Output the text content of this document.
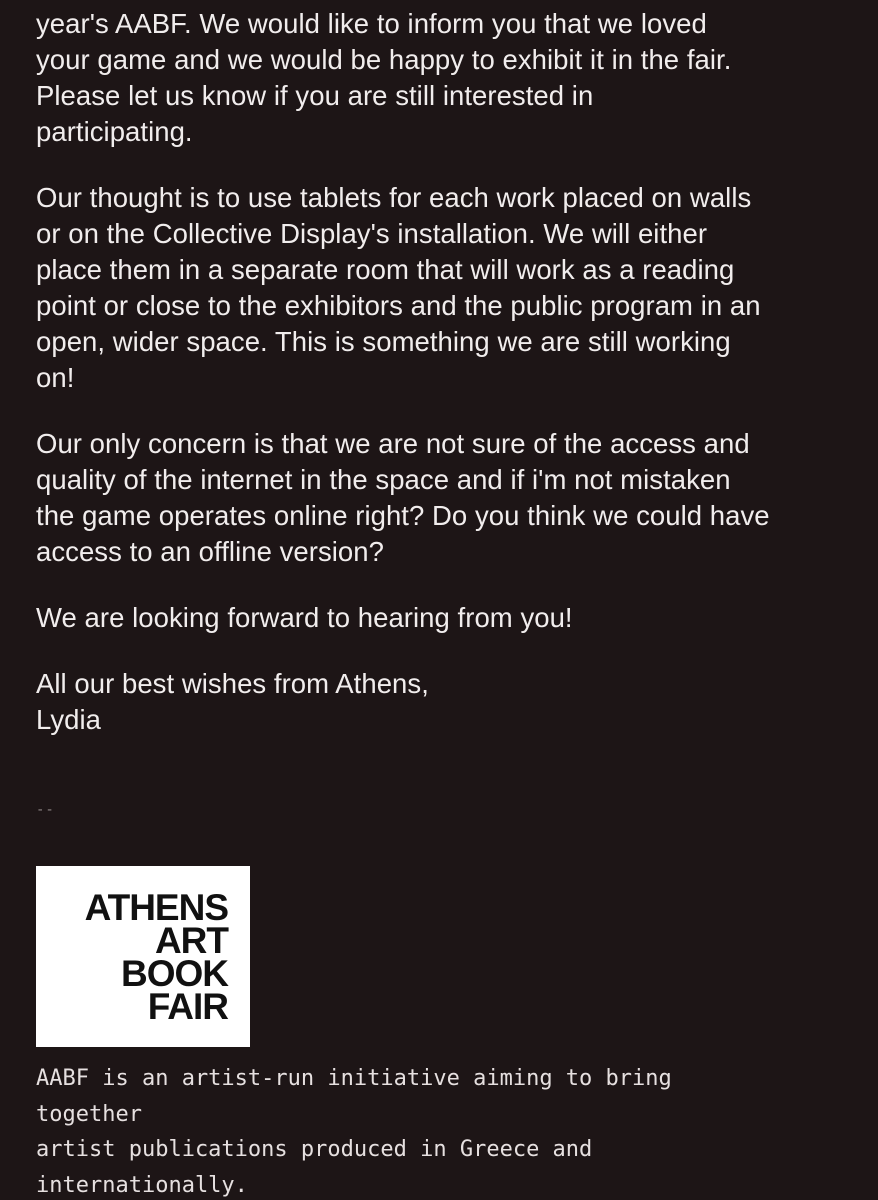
year's AABF. We would like to inform you that we loved
your game and we would be happy to exhibit it in the fair.
Please let us know if you are still interested in
participating.

Our thought is to use tablets for each work placed on walls
or on the Collective Display's installation. We will either
place them in a separate room that will work as a reading
point or close to the exhibitors and the public program in an
open, wider space. This is something we are still working
on!

Our only concern is that we are not sure of the access and
quality of the internet in the space and if i'm not mistaken
the game operates online right? Do you think we could have
access to an offline version?

We are looking forward to hearing from you!

All our best wishes from Athens,
Lydia

--
ATHENS
ART
BOOK
FAIR
AABF is an artist-run initiative aiming to bring
together
artist publications produced in Greece and
internationally.
